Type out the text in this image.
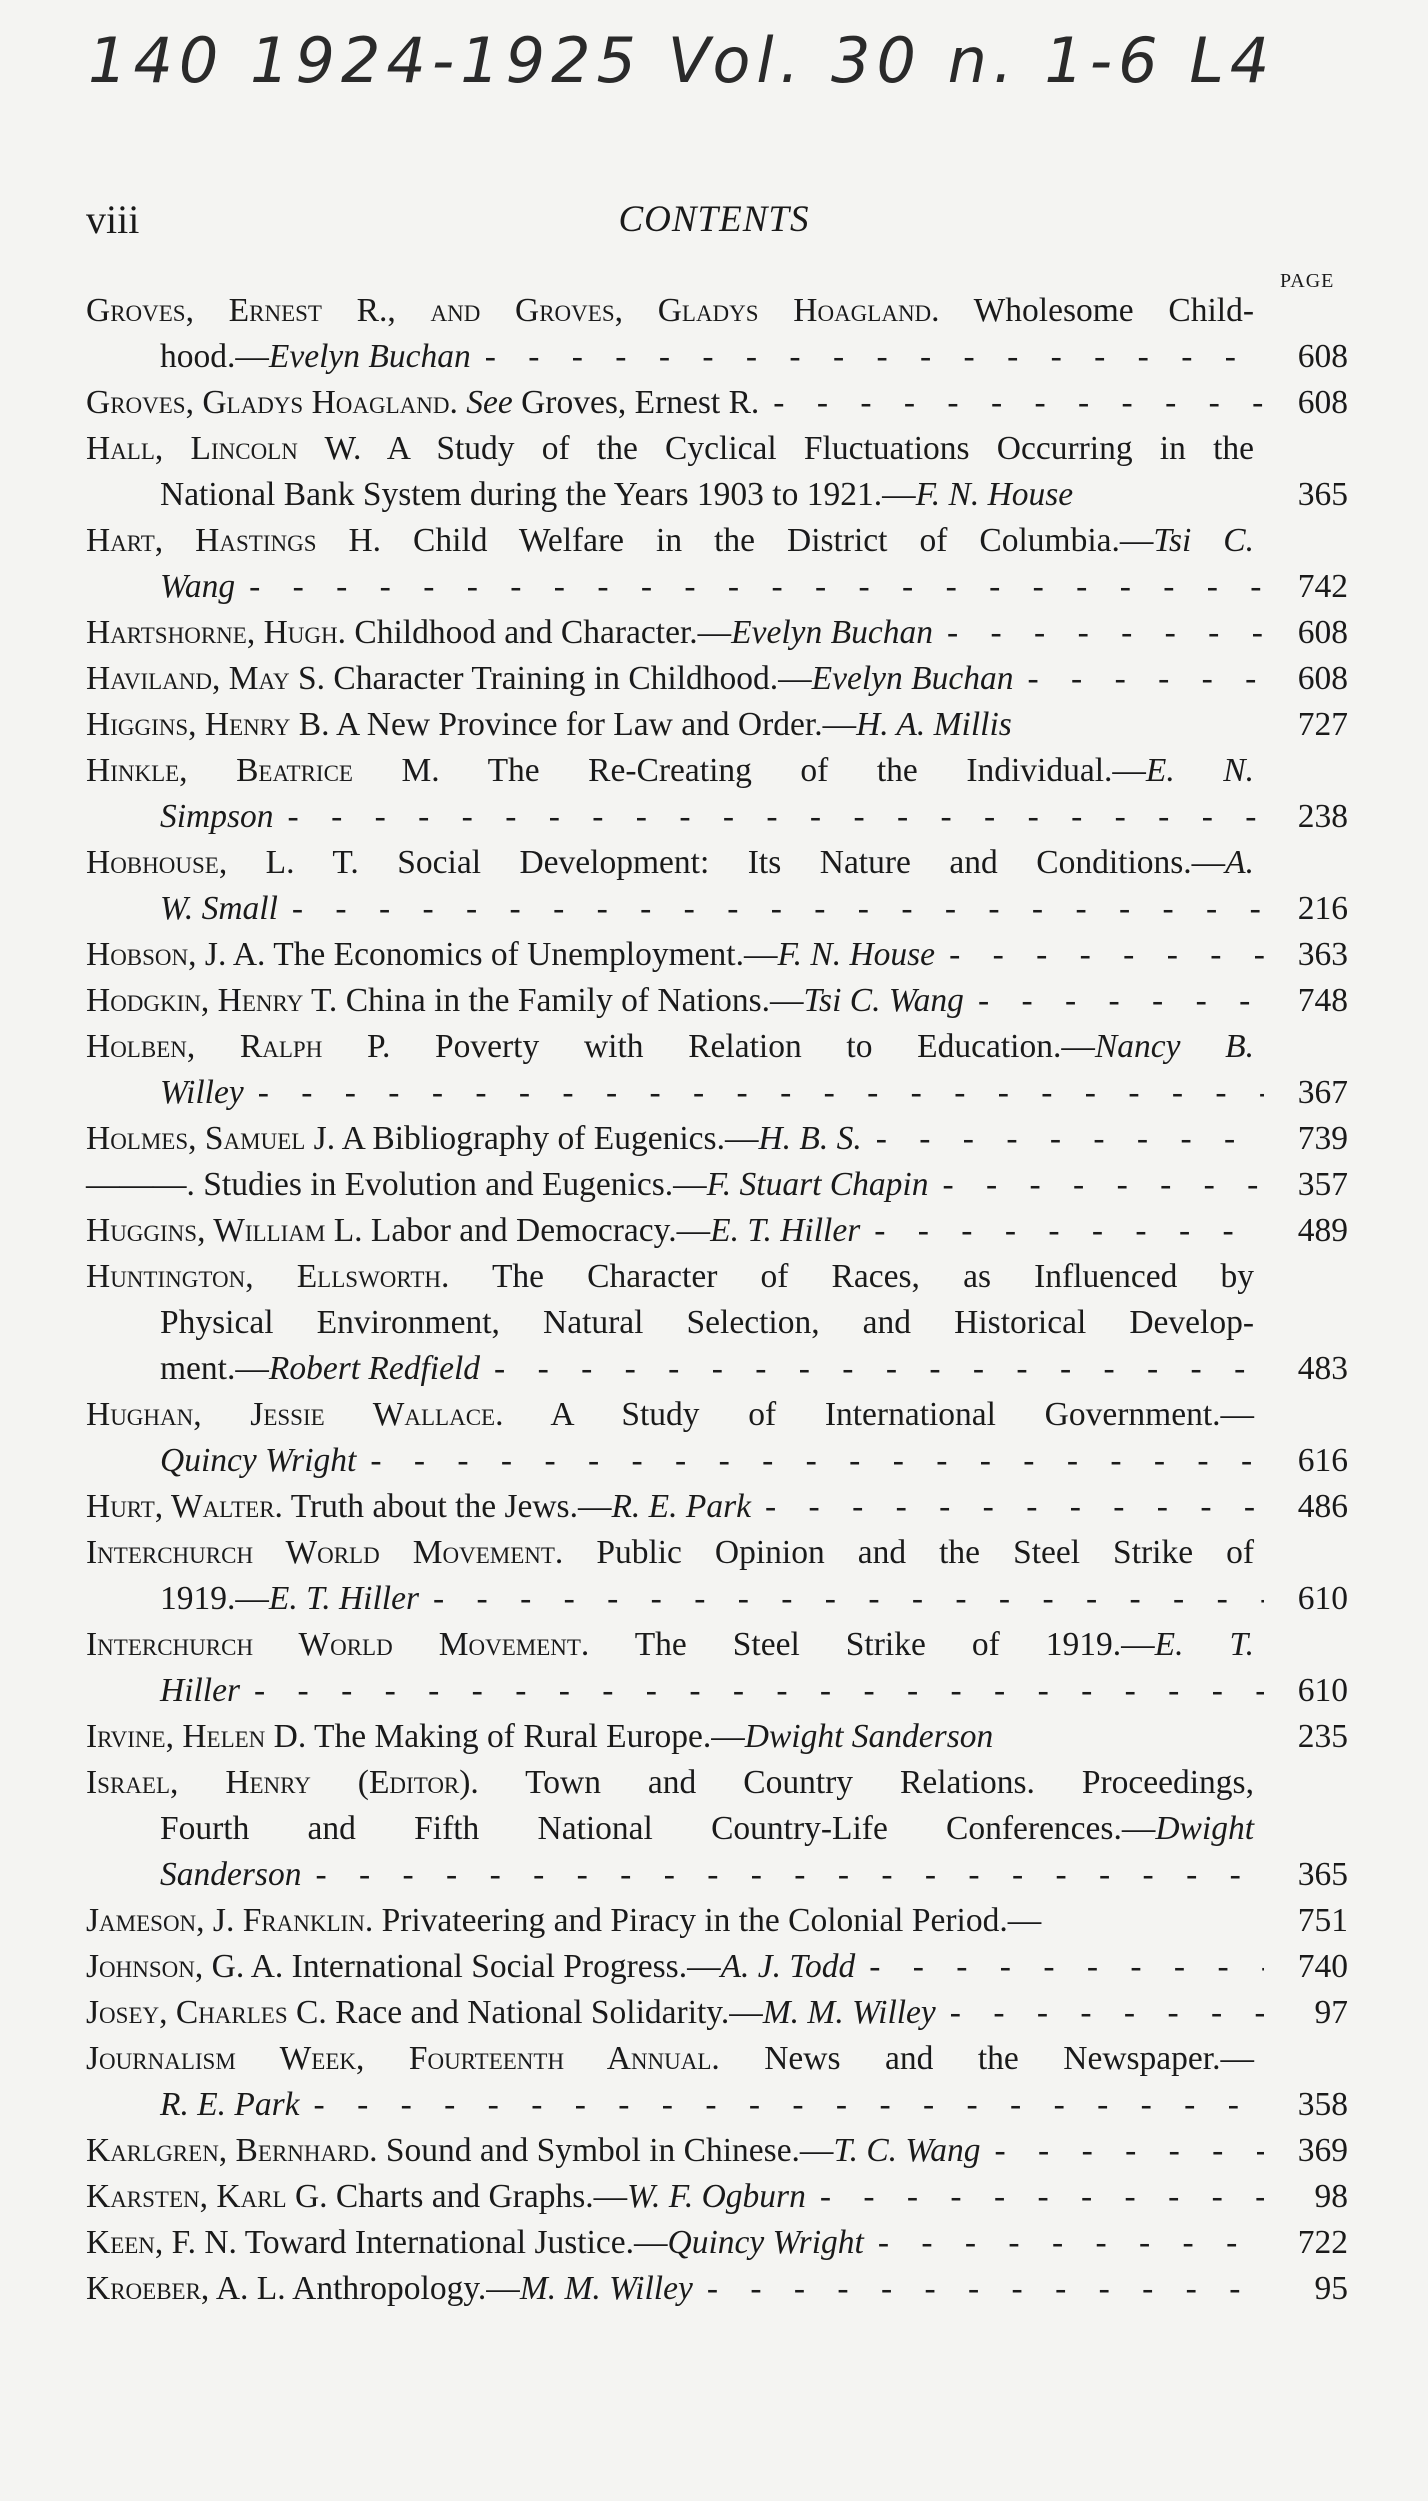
140 1924-1925 Vol. 30 n. 1-6 L4
viii	CONTENTS
PAGE
Groves, Ernest R., and Groves, Gladys Hoagland. Wholesome Child-
hood.—Evelyn Buchan - - -	608
Groves, Gladys Hoagland. See Groves, Ernest R. - - -	608
Hall, Lincoln W. A Study of the Cyclical Fluctuations Occurring in the
National Bank System during the Years 1903 to 1921.—F. N. House	365
Hart, Hastings H. Child Welfare in the District of Columbia.—Tsi C.
Wang - - -	742
Hartshorne, Hugh. Childhood and Character.—Evelyn Buchan - - -	608
Haviland, May S. Character Training in Childhood.—Evelyn Buchan - - -	608
Higgins, Henry B. A New Province for Law and Order.—H. A. Millis	727
Hinkle, Beatrice M. The Re-Creating of the Individual.—E. N.
Simpson - - -	238
Hobhouse, L. T. Social Development: Its Nature and Conditions.—A.
W. Small - - -	216
Hobson, J. A. The Economics of Unemployment.—F. N. House - - -	363
Hodgkin, Henry T. China in the Family of Nations.—Tsi C. Wang - - -	748
Holben, Ralph P. Poverty with Relation to Education.—Nancy B.
Willey - - -	367
Holmes, Samuel J. A Bibliography of Eugenics.—H. B. S. - - -	739
———. Studies in Evolution and Eugenics.—F. Stuart Chapin - - -	357
Huggins, William L. Labor and Democracy.—E. T. Hiller - - -	489
Huntington, Ellsworth. The Character of Races, as Influenced by
Physical Environment, Natural Selection, and Historical Develop-
ment.—Robert Redfield - - -	483
Hughan, Jessie Wallace. A Study of International Government.—
Quincy Wright - - -	616
Hurt, Walter. Truth about the Jews.—R. E. Park - - -	486
Interchurch World Movement. Public Opinion and the Steel Strike of
1919.—E. T. Hiller - - -	610
Interchurch World Movement. The Steel Strike of 1919.—E. T.
Hiller - - -	610
Irvine, Helen D. The Making of Rural Europe.—Dwight Sanderson	235
Israel, Henry (Editor). Town and Country Relations. Proceedings,
Fourth and Fifth National Country-Life Conferences.—Dwight
Sanderson - - -	365
Jameson, J. Franklin. Privateering and Piracy in the Colonial Period.—	751
Johnson, G. A. International Social Progress.—A. J. Todd - - -	740
Josey, Charles C. Race and National Solidarity.—M. M. Willey - - -	97
Journalism Week, Fourteenth Annual. News and the Newspaper.—
R. E. Park - - -	358
Karlgren, Bernhard. Sound and Symbol in Chinese.—T. C. Wang - - -	369
Karsten, Karl G. Charts and Graphs.—W. F. Ogburn - - -	98
Keen, F. N. Toward International Justice.—Quincy Wright - - -	722
Kroeber, A. L. Anthropology.—M. M. Willey - - -	95
